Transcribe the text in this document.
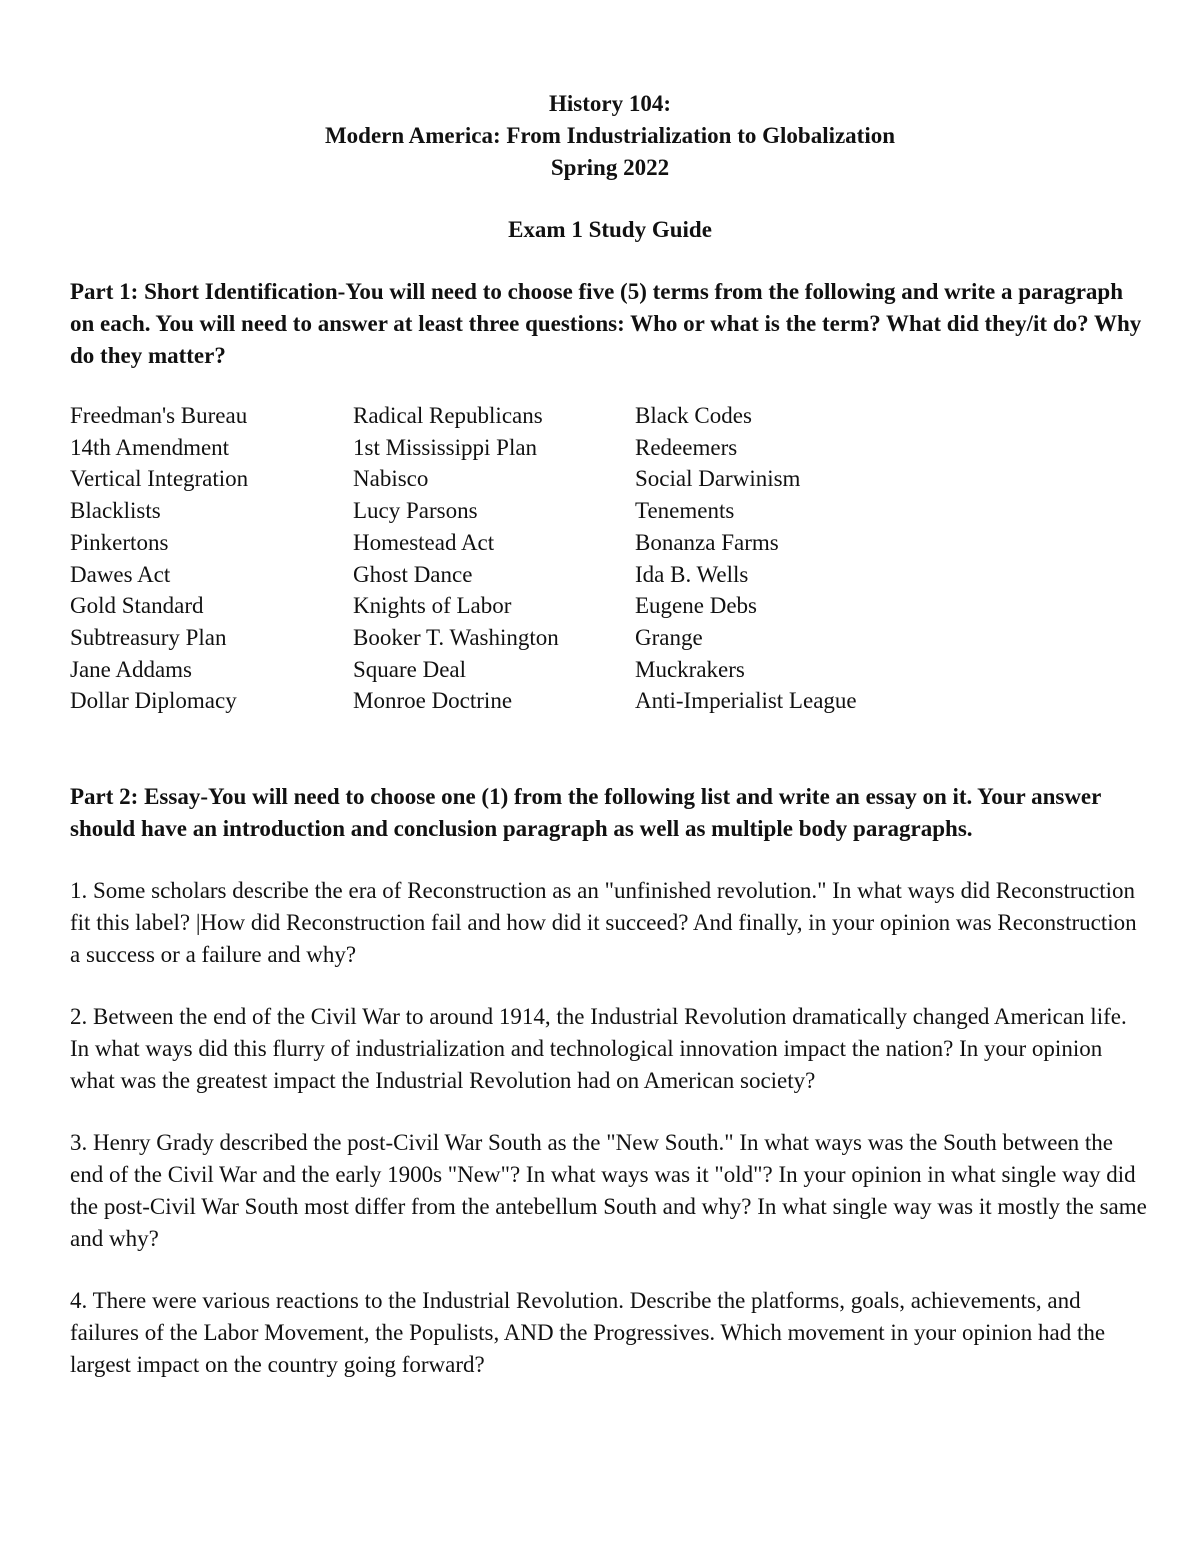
History 104:
Modern America: From Industrialization to Globalization
Spring 2022
Exam 1 Study Guide
Part 1: Short Identification-You will need to choose five (5) terms from the following and write a paragraph on each. You will need to answer at least three questions: Who or what is the term? What did they/it do? Why do they matter?
Freedman's Bureau	Radical Republicans	Black Codes
14th Amendment	1st Mississippi Plan	Redeemers
Vertical Integration	Nabisco	Social Darwinism
Blacklists	Lucy Parsons	Tenements
Pinkertons	Homestead Act	Bonanza Farms
Dawes Act	Ghost Dance	Ida B. Wells
Gold Standard	Knights of Labor	Eugene Debs
Subtreasury Plan	Booker T. Washington	Grange
Jane Addams	Square Deal	Muckrakers
Dollar Diplomacy	Monroe Doctrine	Anti-Imperialist League
Part 2: Essay-You will need to choose one (1) from the following list and write an essay on it. Your answer should have an introduction and conclusion paragraph as well as multiple body paragraphs.
1. Some scholars describe the era of Reconstruction as an "unfinished revolution." In what ways did Reconstruction fit this label? |How did Reconstruction fail and how did it succeed? And finally, in your opinion was Reconstruction a success or a failure and why?
2. Between the end of the Civil War to around 1914, the Industrial Revolution dramatically changed American life. In what ways did this flurry of industrialization and technological innovation impact the nation? In your opinion what was the greatest impact the Industrial Revolution had on American society?
3. Henry Grady described the post-Civil War South as the "New South." In what ways was the South between the end of the Civil War and the early 1900s "New"? In what ways was it "old"? In your opinion in what single way did the post-Civil War South most differ from the antebellum South and why? In what single way was it mostly the same and why?
4. There were various reactions to the Industrial Revolution. Describe the platforms, goals, achievements, and failures of the Labor Movement, the Populists, AND the Progressives. Which movement in your opinion had the largest impact on the country going forward?
